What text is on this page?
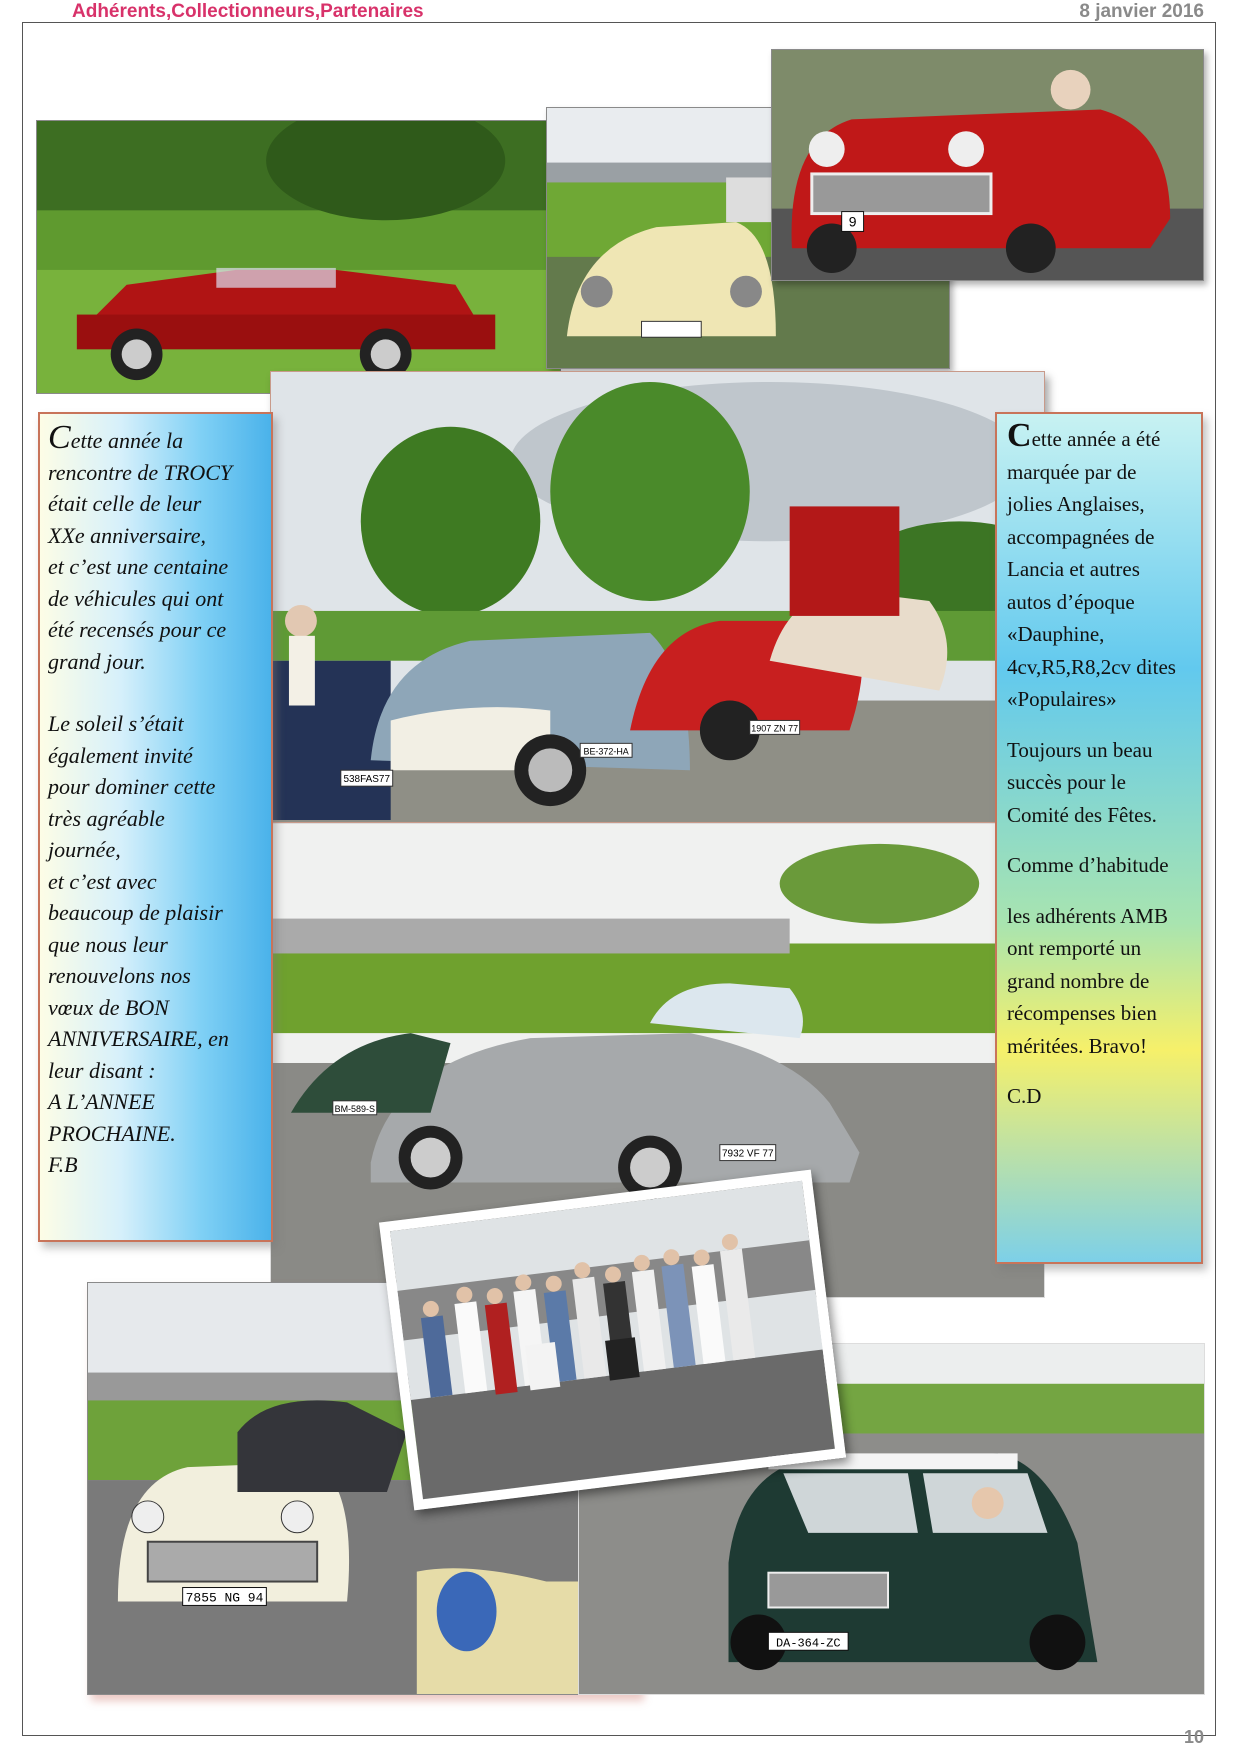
Adhérents,Collectionneurs,Partenaires	8 janvier 2016
10
9
538FAS77
BE-372-HA
1907 ZN 77
7932 VF 77
BM-589-S
7855 NG 94
DA-364-ZC

Cette année la

rencontre de TROCY

était celle de leur

XXe anniversaire,

et c’est une centaine

de véhicules qui ont

été recensés pour ce

grand jour.

Le soleil s’était

également invité

pour dominer cette

très agréable

journée,

et c’est avec

beaucoup de plaisir

que nous leur

renouvelons nos

vœux de BON

ANNIVERSAIRE, en

leur disant :

A L’ANNEE

PROCHAINE.

F.B

Cette année a été

marquée par de

jolies Anglaises,

accompagnées de

Lancia et autres

autos d’époque

«Dauphine,

4cv,R5,R8,2cv dites

«Populaires»

Toujours un beau

succès pour le

Comité des Fêtes.

Comme d’habitude

les adhérents AMB

ont remporté un

grand nombre de

récompenses bien

méritées. Bravo!

C.D
